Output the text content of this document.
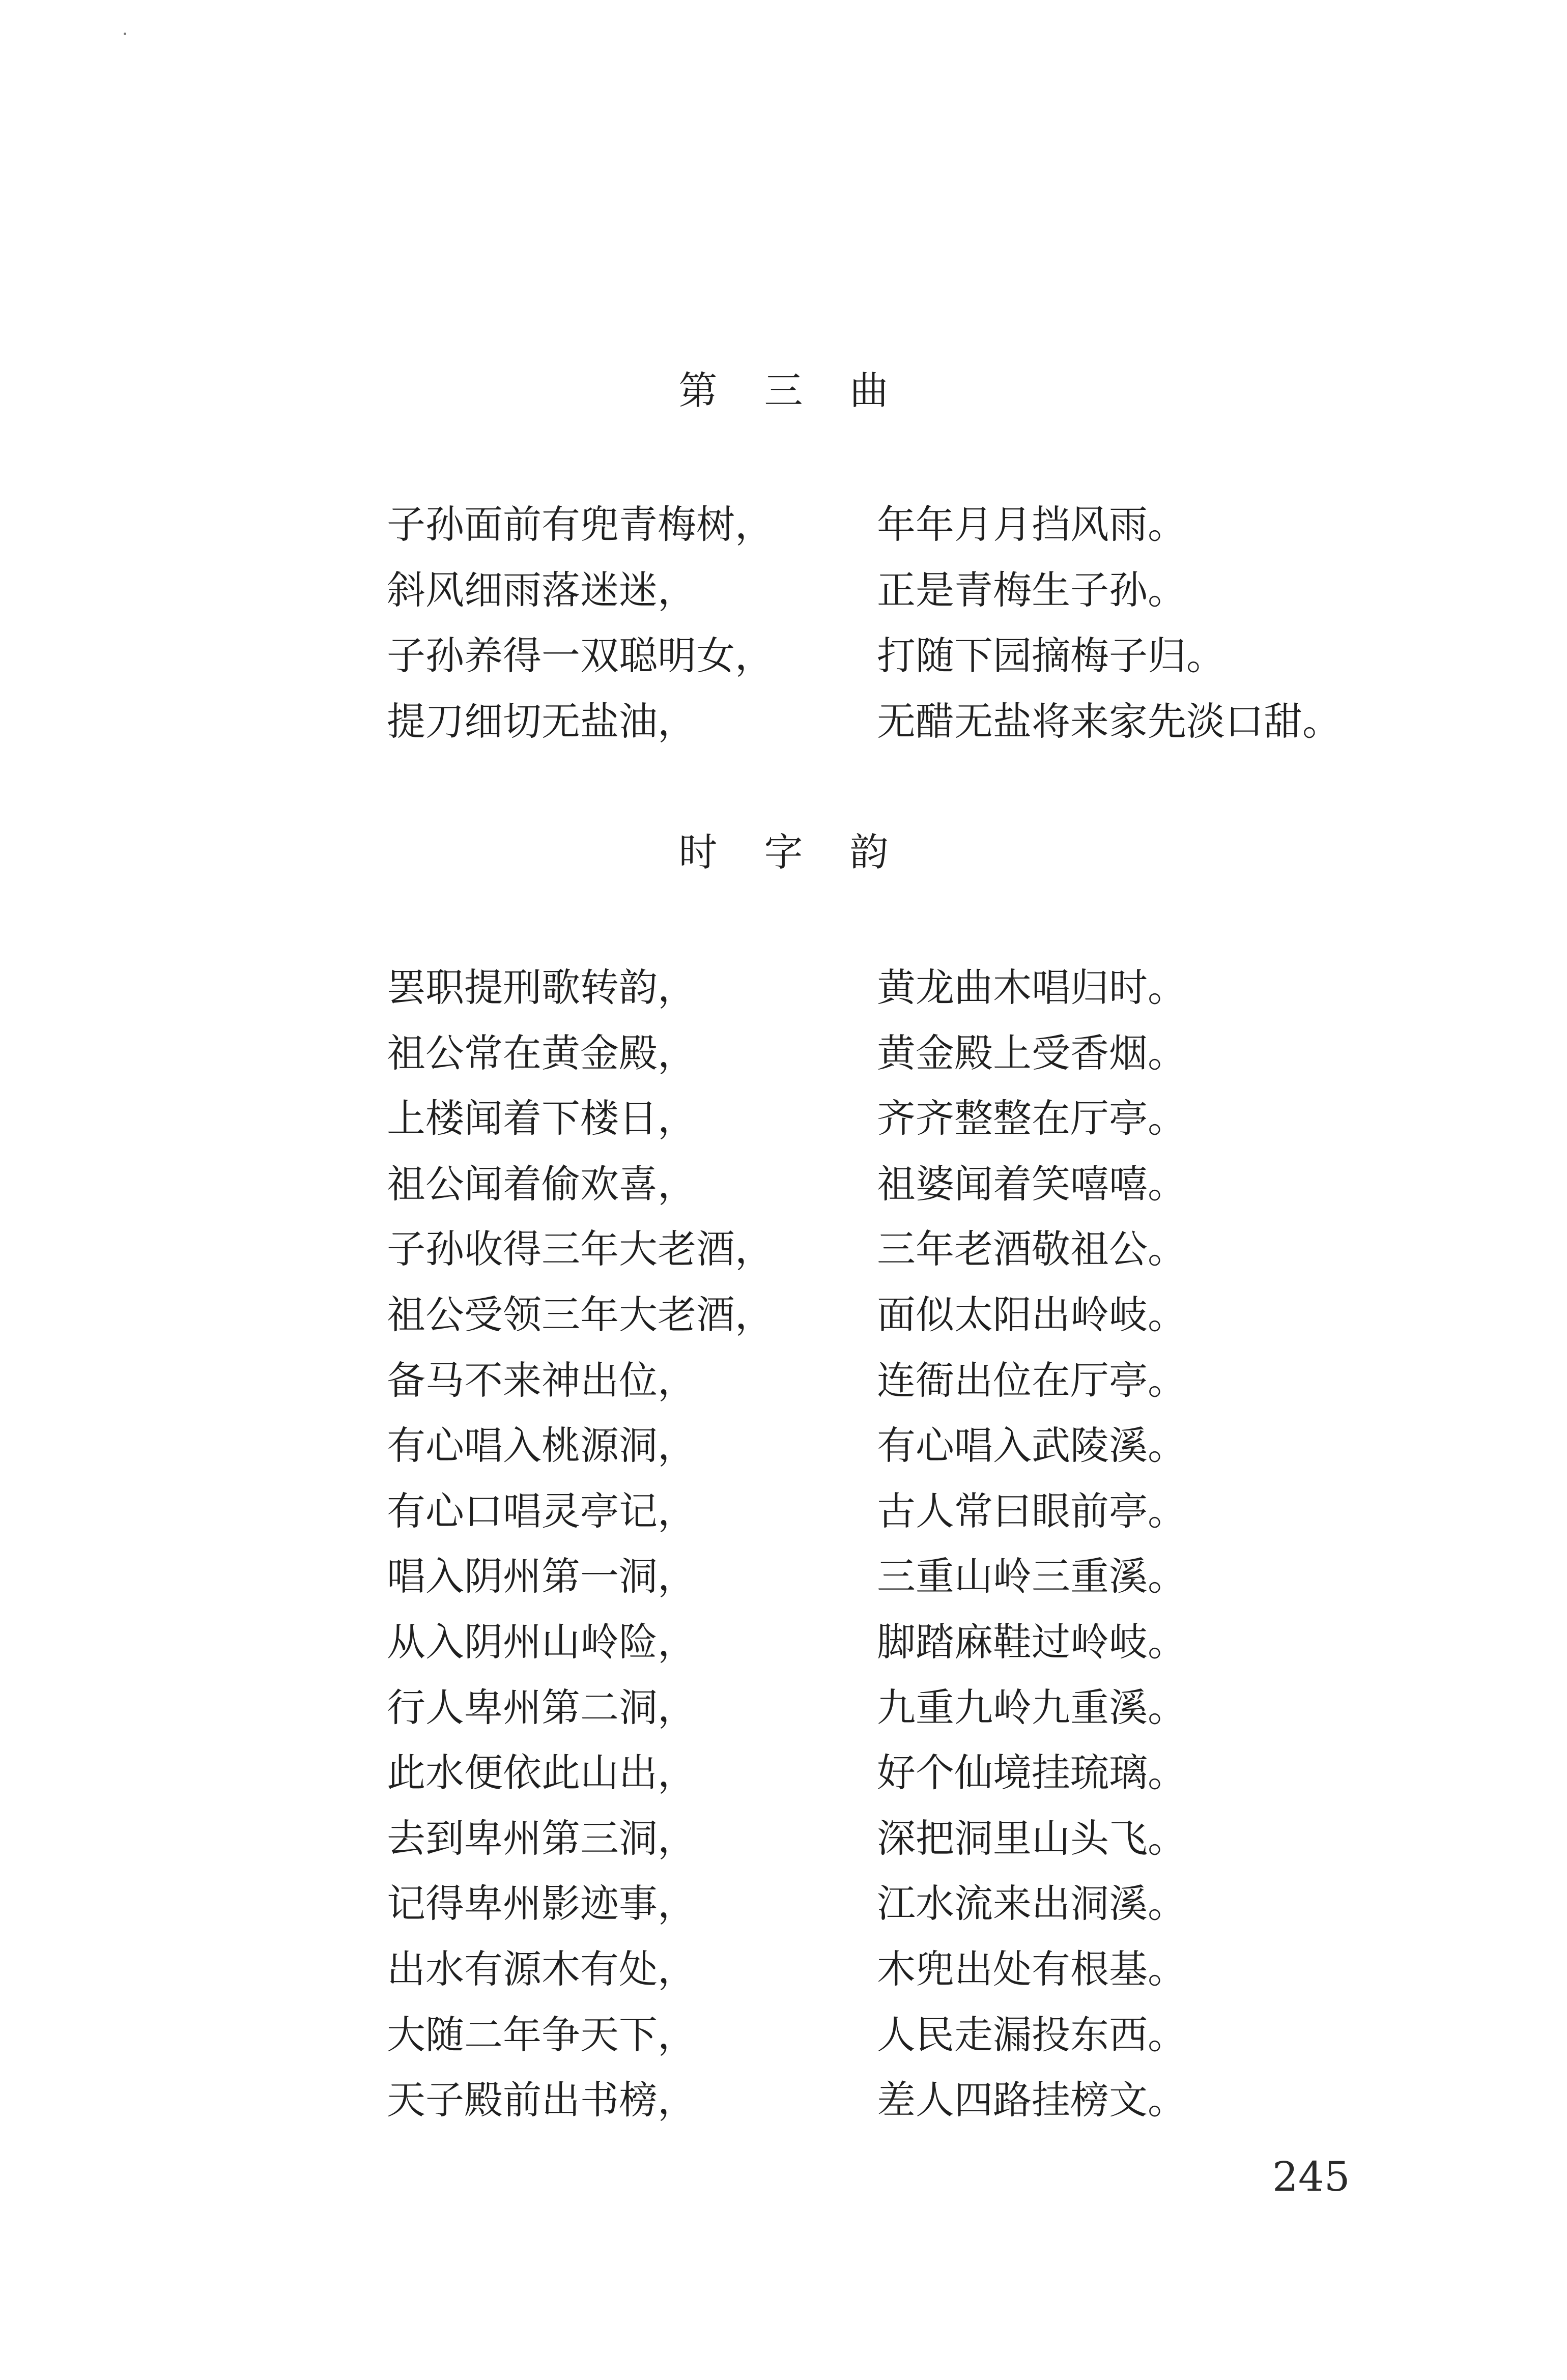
第三曲
子孙面前有兜青梅树，	年年月月挡风雨。
斜风细雨落迷迷，	正是青梅生子孙。
子孙养得一双聪明女，	打随下园摘梅子归。
提刀细切无盐油，	无醋无盐将来家先淡口甜。
时字韵
罢职提刑歌转韵，	黄龙曲木唱归时。
祖公常在黄金殿，	黄金殿上受香烟。
上楼闻着下楼日，	齐齐整整在厅亭。
祖公闻着偷欢喜，	祖婆闻着笑嘻嘻。
子孙收得三年大老酒，	三年老酒敬祖公。
祖公受领三年大老酒，	面似太阳出岭岐。
备马不来神出位，	连衙出位在厅亭。
有心唱入桃源洞，	有心唱入武陵溪。
有心口唱灵亭记，	古人常曰眼前亭。
唱入阴州第一洞，	三重山岭三重溪。
从入阴州山岭险，	脚踏麻鞋过岭岐。
行人卑州第二洞，	九重九岭九重溪。
此水便依此山出，	好个仙境挂琉璃。
去到卑州第三洞，	深把洞里山头飞。
记得卑州影迹事，	江水流来出洞溪。
出水有源木有处，	木兜出处有根基。
大随二年争天下，	人民走漏投东西。
天子殿前出书榜，	差人四路挂榜文。
245
